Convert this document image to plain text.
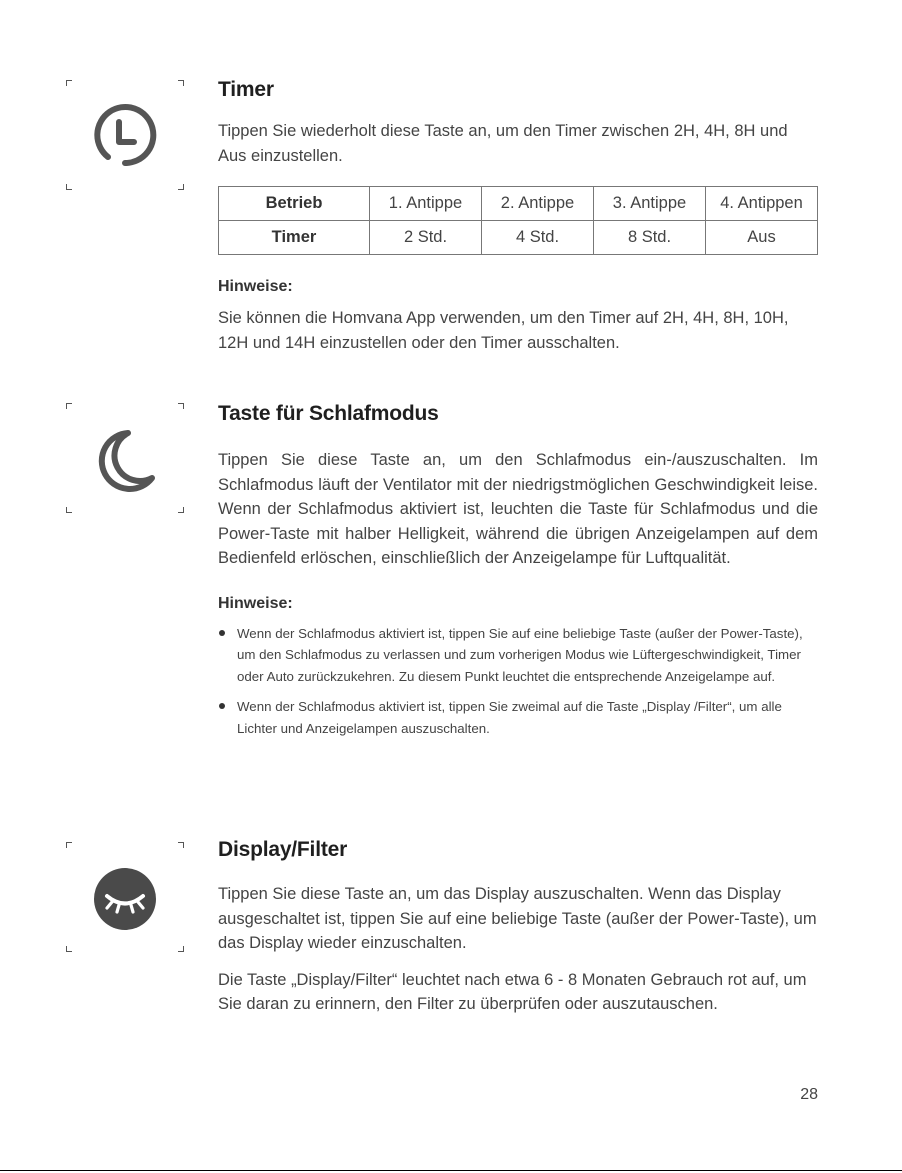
Timer

Tippen Sie wiederholt diese Taste an, um den Timer zwischen 2H, 4H, 8H und Aus einzustellen.

Betrieb	1. Antippe	2. Antippe	3. Antippe	4. Antippen
Timer	2 Std.	4 Std.	8 Std.	Aus
Hinweise:

Sie können die Homvana App verwenden, um den Timer auf 2H, 4H, 8H, 10H, 12H und 14H einzustellen oder den Timer ausschalten.

Taste für Schlafmodus

Tippen Sie diese Taste an, um den Schlafmodus ein-/auszuschalten. Im Schlafmodus läuft der Ventilator mit der niedrigstmöglichen Geschwindigkeit leise. Wenn der Schlafmodus aktiviert ist, leuchten die Taste für Schlafmodus und die Power-Taste mit halber Helligkeit, während die übrigen Anzeigelampen auf dem Bedienfeld erlöschen, einschließlich der Anzeigelampe für Luftqualität.

Hinweise:
Wenn der Schlafmodus aktiviert ist, tippen Sie auf eine beliebige Taste (außer der Power-Taste), um den Schlafmodus zu verlassen und zum vorherigen Modus wie Lüftergeschwindigkeit, Timer oder Auto zurückzukehren. Zu diesem Punkt leuchtet die entsprechende Anzeigelampe auf.
Wenn der Schlafmodus aktiviert ist, tippen Sie zweimal auf die Taste „Display /Filter“, um alle Lichter und Anzeigelampen auszuschalten.
Display/Filter

Tippen Sie diese Taste an, um das Display auszuschalten. Wenn das Display ausgeschaltet ist, tippen Sie auf eine beliebige Taste (außer der Power-Taste), um das Display wieder einzuschalten.

Die Taste „Display/Filter“ leuchtet nach etwa 6 - 8 Monaten Gebrauch rot auf, um Sie daran zu erinnern, den Filter zu überprüfen oder auszutauschen.

28
